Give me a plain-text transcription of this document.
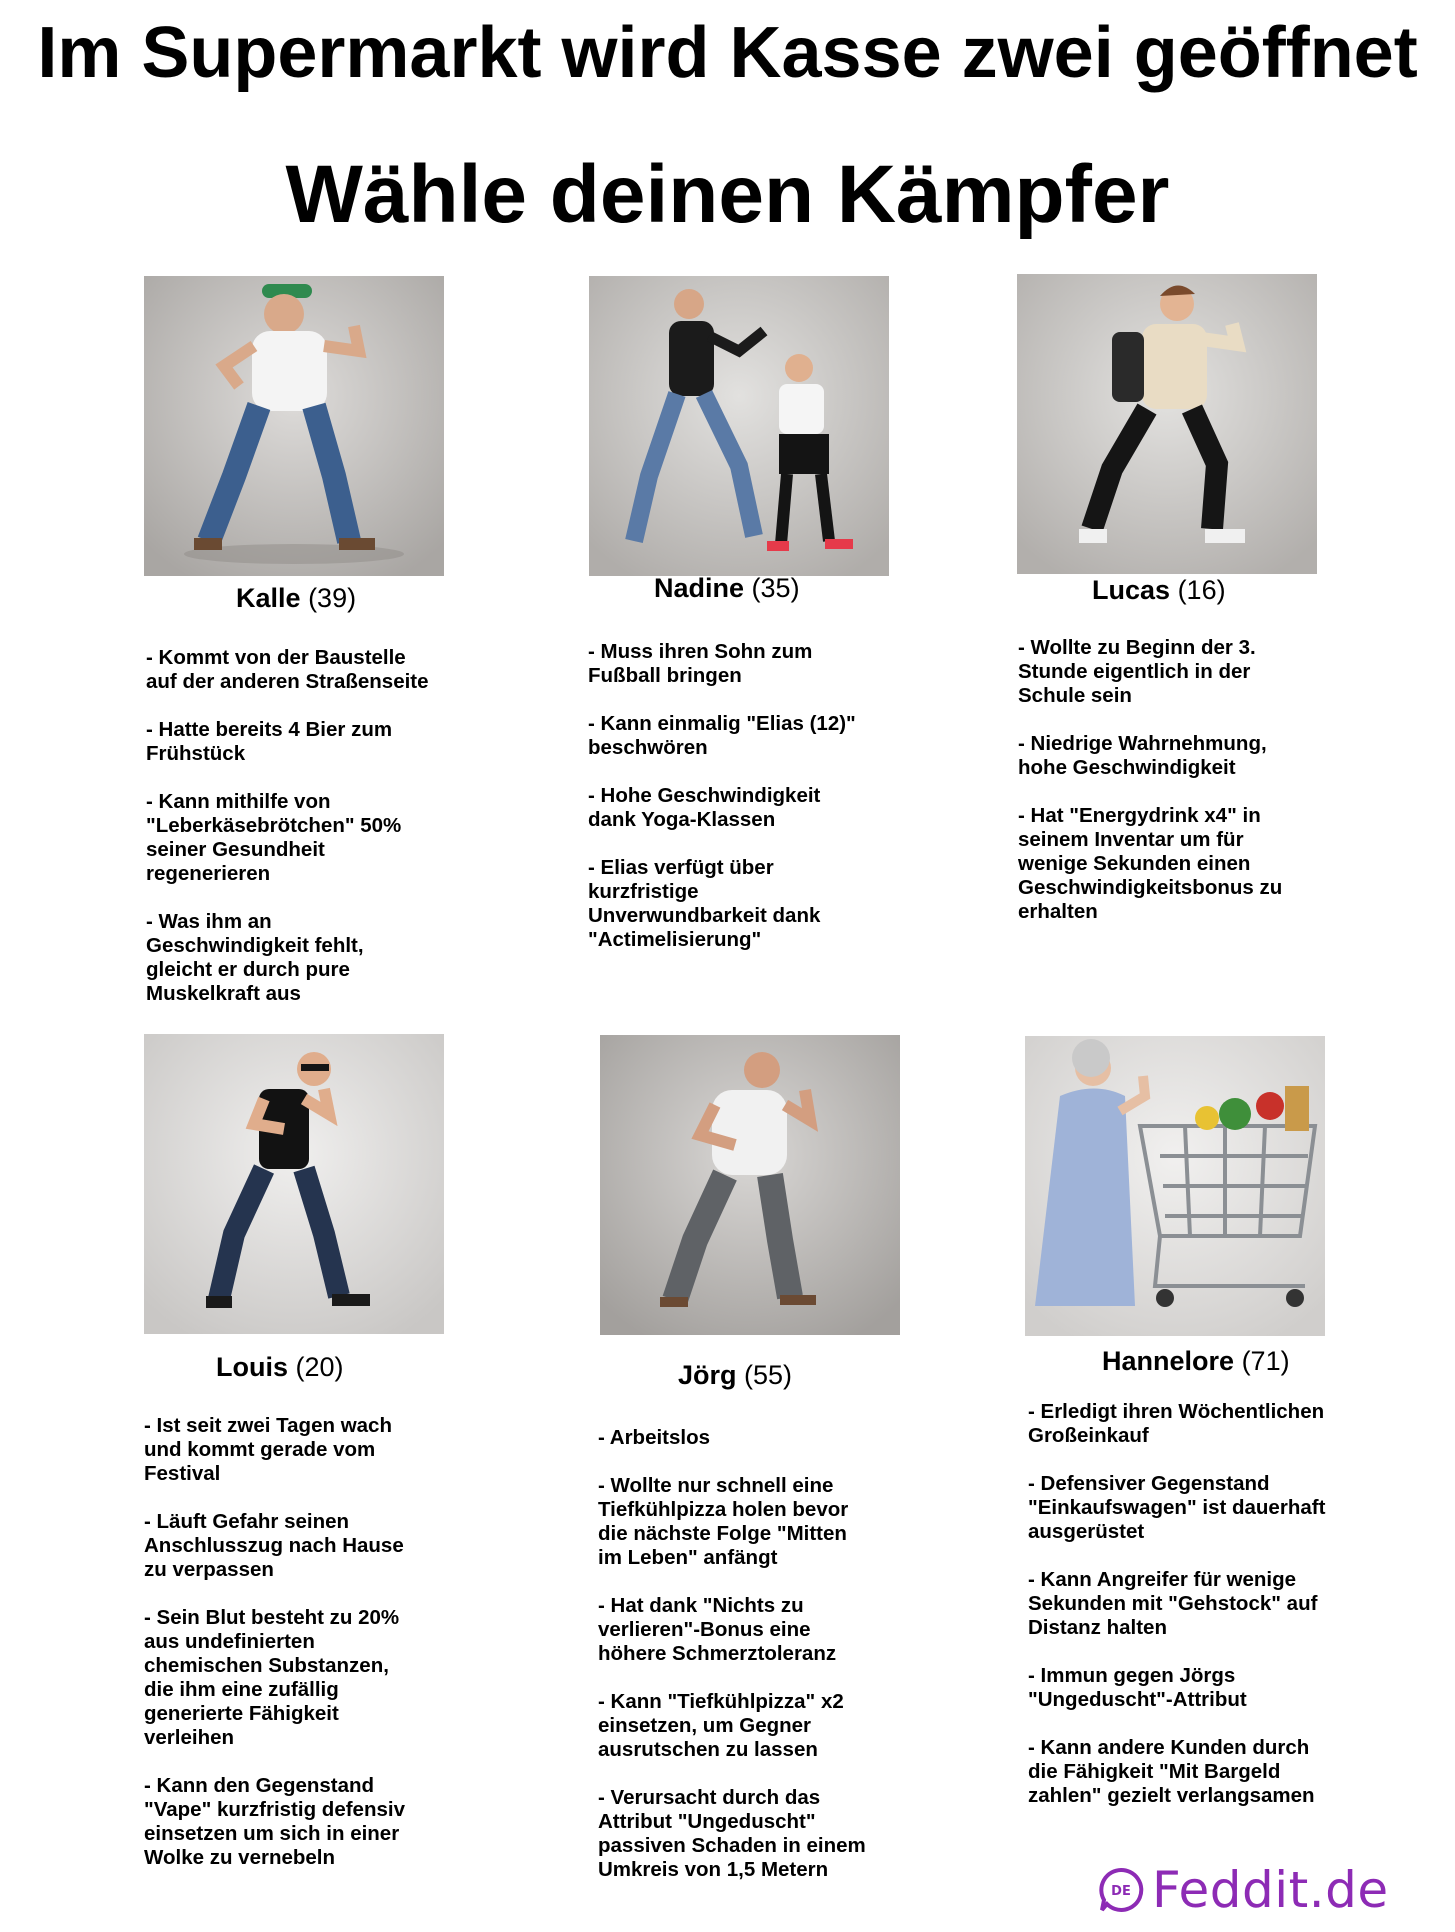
Im Supermarkt wird Kasse zwei geöffnet
Wähle deinen Kämpfer
Kalle (39)
- Kommt von der Baustelle
auf der anderen Straßenseite
- Hatte bereits 4 Bier zum
Frühstück
- Kann mithilfe von
"Leberkäsebrötchen" 50%
seiner Gesundheit
regenerieren
- Was ihm an
Geschwindigkeit fehlt,
gleicht er durch pure
Muskelkraft aus
Nadine (35)
- Muss ihren Sohn zum
Fußball bringen
- Kann einmalig "Elias (12)"
beschwören
- Hohe Geschwindigkeit
dank Yoga-Klassen
- Elias verfügt über
kurzfristige
Unverwundbarkeit dank
"Actimelisierung"
Lucas (16)
- Wollte zu Beginn der 3.
Stunde eigentlich in der
Schule sein
- Niedrige Wahrnehmung,
hohe Geschwindigkeit
- Hat "Energydrink x4" in
seinem Inventar um für
wenige Sekunden einen
Geschwindigkeitsbonus zu
erhalten
Louis (20)
- Ist seit zwei Tagen wach
und kommt gerade vom
Festival
- Läuft Gefahr seinen
Anschlusszug nach Hause
zu verpassen
- Sein Blut besteht zu 20%
aus undefinierten
chemischen Substanzen,
die ihm eine zufällig
generierte Fähigkeit
verleihen
- Kann den Gegenstand
"Vape" kurzfristig defensiv
einsetzen um sich in einer
Wolke zu vernebeln
Jörg (55)
- Arbeitslos
- Wollte nur schnell eine
Tiefkühlpizza holen bevor
die nächste Folge "Mitten
im Leben" anfängt
- Hat dank "Nichts zu
verlieren"-Bonus eine
höhere Schmerztoleranz
- Kann "Tiefkühlpizza" x2
einsetzen, um Gegner
ausrutschen zu lassen
- Verursacht durch das
Attribut "Ungeduscht"
passiven Schaden in einem
Umkreis von 1,5 Metern
Hannelore (71)
- Erledigt ihren Wöchentlichen
Großeinkauf
- Defensiver Gegenstand
"Einkaufswagen" ist dauerhaft
ausgerüstet
- Kann Angreifer für wenige
Sekunden mit "Gehstock" auf
Distanz halten
- Immun gegen Jörgs
"Ungeduscht"-Attribut
- Kann andere Kunden durch
die Fähigkeit "Mit Bargeld
zahlen" gezielt verlangsamen
DE Feddit.de
